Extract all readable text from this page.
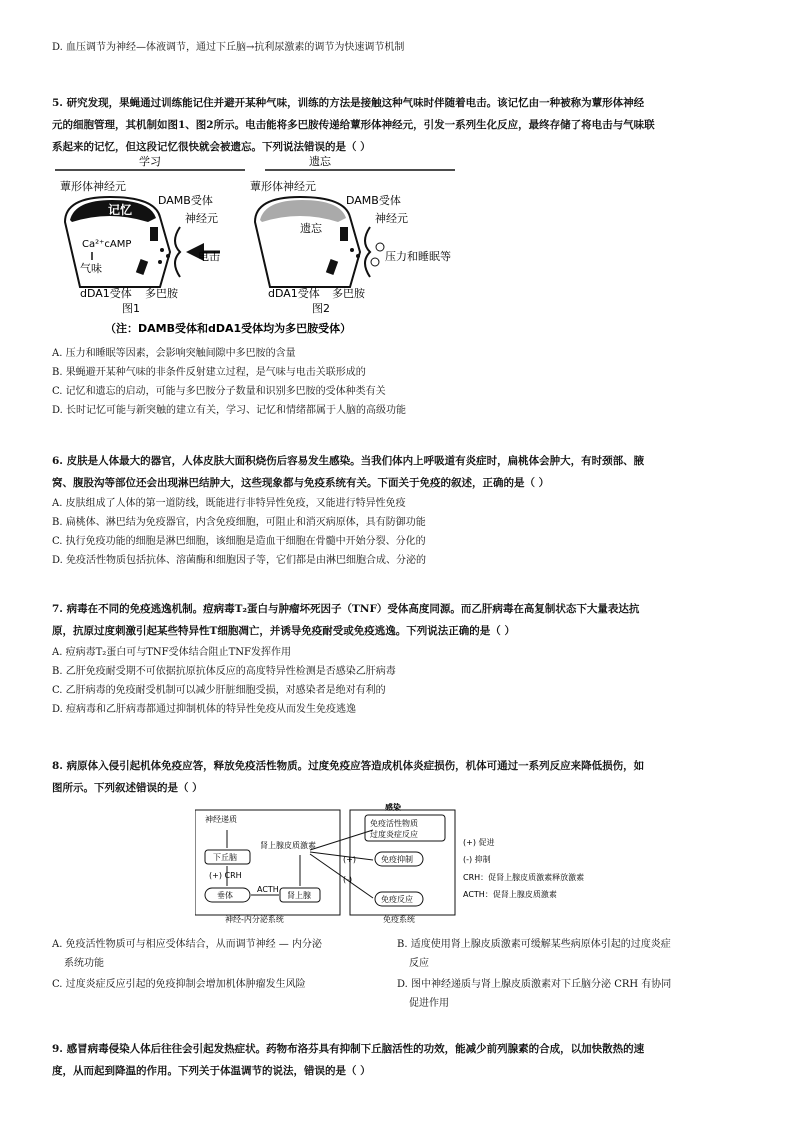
D. 血压调节为神经—体液调节，通过下丘脑→抗利尿激素的调节为快速调节机制
5. 研究发现，果蝇通过训练能记住并避开某种气味，训练的方法是接触这种气味时伴随着电击。该记忆由一种被称为蕈形体神经
元的细胞管理，其机制如图1、图2所示。电击能将多巴胺传递给蕈形体神经元，引发一系列生化反应，最终存储了将电击与气味联
系起来的记忆，但这段记忆很快就会被遗忘。下列说法错误的是（ ）
学习	遗忘
蕈形体神经元
记忆
Ca²⁺cAMP
气味
DAMB受体
神经元
电击
dDA1受体 多巴胺
图1
蕈形体神经元
遗忘
DAMB受体
神经元
压力和睡眠等
dDA1受体 多巴胺
图2
（注：DAMB受体和dDA1受体均为多巴胺受体）
A. 压力和睡眠等因素，会影响突触间隙中多巴胺的含量
B. 果蝇避开某种气味的非条件反射建立过程，是气味与电击关联形成的
C. 记忆和遗忘的启动，可能与多巴胺分子数量和识别多巴胺的受体种类有关
D. 长时记忆可能与新突触的建立有关，学习、记忆和情绪都属于人脑的高级功能
6. 皮肤是人体最大的器官，人体皮肤大面积烧伤后容易发生感染。当我们体内上呼吸道有炎症时，扁桃体会肿大，有时颈部、腋
窝、腹股沟等部位还会出现淋巴结肿大，这些现象都与免疫系统有关。下面关于免疫的叙述，正确的是（ ）
A. 皮肤组成了人体的第一道防线，既能进行非特异性免疫，又能进行特异性免疫
B. 扁桃体、淋巴结为免疫器官，内含免疫细胞，可阻止和消灭病原体，具有防御功能
C. 执行免疫功能的细胞是淋巴细胞，该细胞是造血干细胞在骨髓中开始分裂、分化的
D. 免疫活性物质包括抗体、溶菌酶和细胞因子等，它们都是由淋巴细胞合成、分泌的
7. 病毒在不同的免疫逃逸机制。痘病毒T₂蛋白与肿瘤坏死因子（TNF）受体高度同源。而乙肝病毒在高复制状态下大量表达抗
原，抗原过度刺激引起某些特异性T细胞凋亡，并诱导免疫耐受或免疫逃逸。下列说法正确的是（ ）
A. 痘病毒T₂蛋白可与TNF受体结合阻止TNF发挥作用
B. 乙肝免疫耐受期不可依据抗原抗体反应的高度特异性检测是否感染乙肝病毒
C. 乙肝病毒的免疫耐受机制可以减少肝脏细胞受损，对感染者是绝对有利的
D. 痘病毒和乙肝病毒都通过抑制机体的特异性免疫从而发生免疫逃逸
8. 病原体入侵引起机体免疫应答，释放免疫活性物质。过度免疫应答造成机体炎症损伤，机体可通过一系列反应来降低损伤，如
图所示。下列叙述错误的是（ ）
神经递质
下丘脑
(+) CRH
垂体
ACTH
肾上腺
肾上腺皮质激素
神经-内分泌系统
感染
免疫活性物质
过度炎症反应
免疫抑制
免疫反应
免疫系统
(+)
(-)
(+) 促进
(-) 抑制
CRH：促肾上腺皮质激素释放激素
ACTH：促肾上腺皮质激素
A. 免疫活性物质可与相应受体结合，从而调节神经 — 内分泌
系统功能
B. 适度使用肾上腺皮质激素可缓解某些病原体引起的过度炎症
反应
C. 过度炎症反应引起的免疫抑制会增加机体肿瘤发生风险	D. 图中神经递质与肾上腺皮质激素对下丘脑分泌 CRH 有协同
促进作用
9. 感冒病毒侵染人体后往往会引起发热症状。药物布洛芬具有抑制下丘脑活性的功效，能减少前列腺素的合成，以加快散热的速
度，从而起到降温的作用。下列关于体温调节的说法，错误的是（ ）
